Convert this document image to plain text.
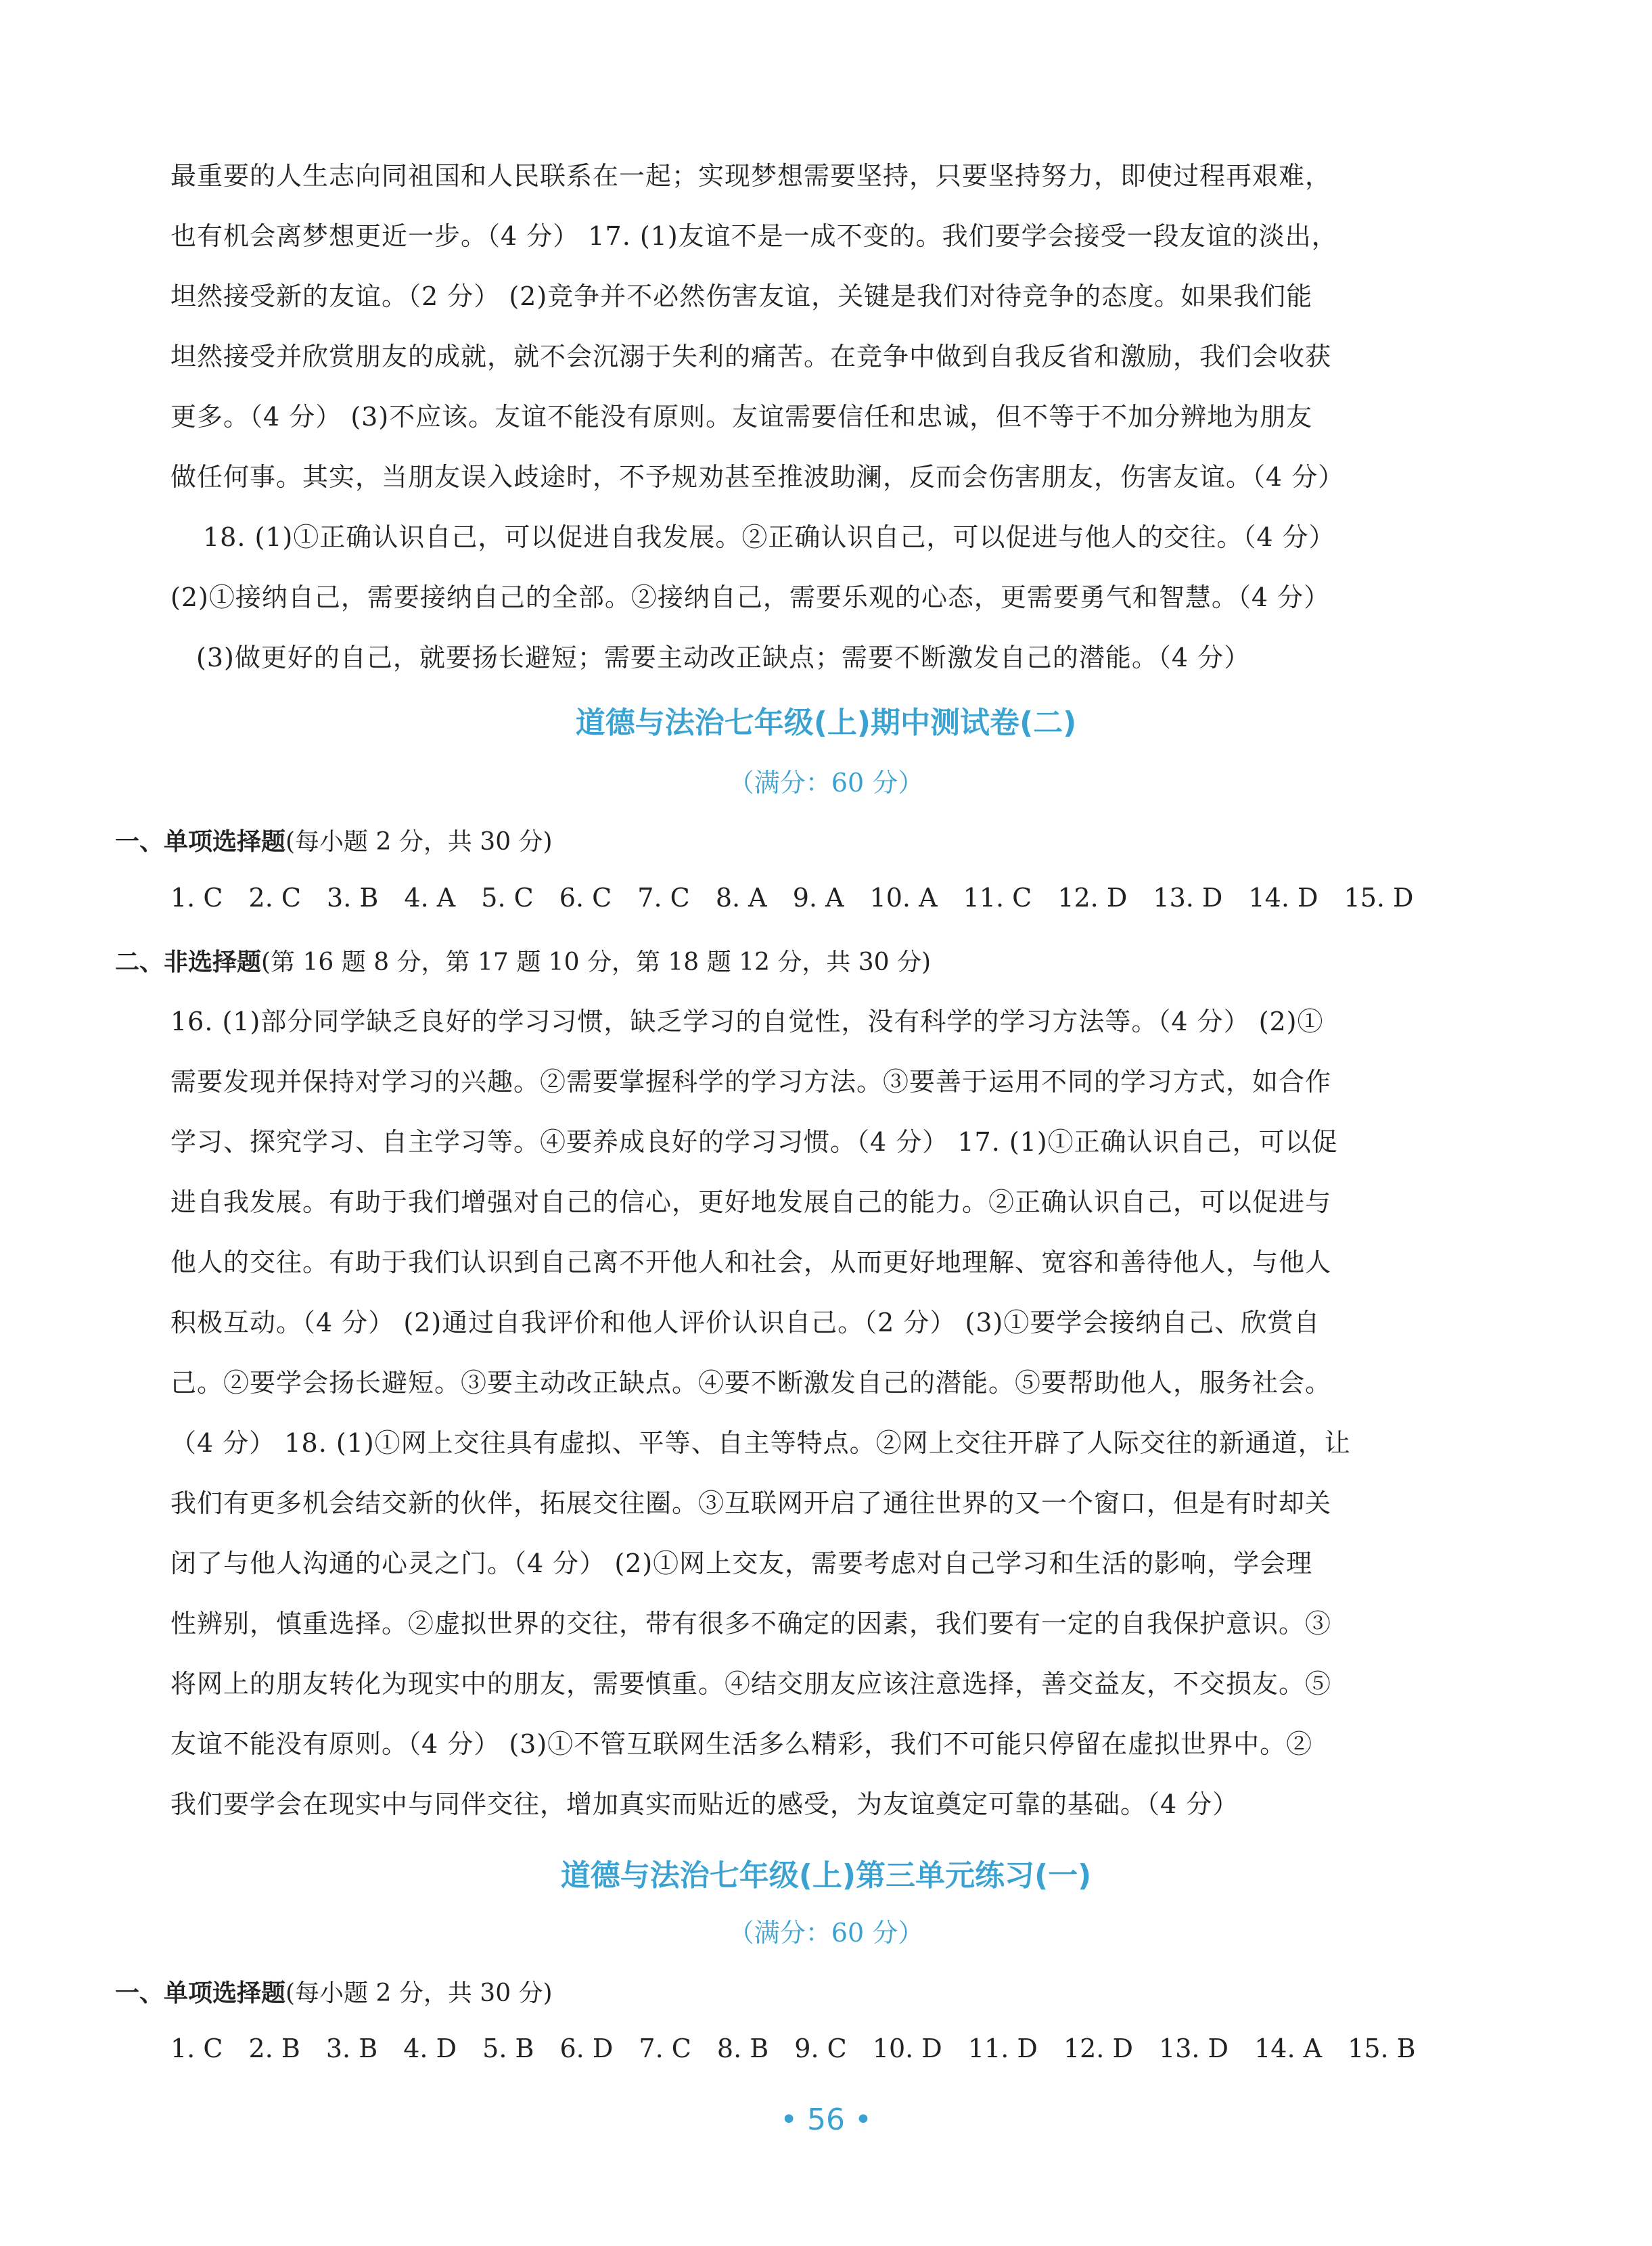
最重要的人生志向同祖国和人民联系在一起；实现梦想需要坚持，只要坚持努力，即使过程再艰难，
也有机会离梦想更近一步。（4 分） 17. (1)友谊不是一成不变的。我们要学会接受一段友谊的淡出，
坦然接受新的友谊。（2 分） (2)竞争并不必然伤害友谊，关键是我们对待竞争的态度。如果我们能
坦然接受并欣赏朋友的成就，就不会沉溺于失利的痛苦。在竞争中做到自我反省和激励，我们会收获
更多。（4 分） (3)不应该。友谊不能没有原则。友谊需要信任和忠诚，但不等于不加分辨地为朋友
做任何事。其实，当朋友误入歧途时，不予规劝甚至推波助澜，反而会伤害朋友，伤害友谊。（4 分）
18. (1)①正确认识自己，可以促进自我发展。②正确认识自己，可以促进与他人的交往。（4 分）
(2)①接纳自己，需要接纳自己的全部。②接纳自己，需要乐观的心态，更需要勇气和智慧。（4 分）
(3)做更好的自己，就要扬长避短；需要主动改正缺点；需要不断激发自己的潜能。（4 分）
道德与法治七年级(上)期中测试卷(二)
（满分：60 分）
一、单项选择题(每小题 2 分，共 30 分)
1. C 2. C 3. B 4. A 5. C 6. C 7. C 8. A 9. A 10. A 11. C 12. D 13. D 14. D 15. D
二、非选择题(第 16 题 8 分，第 17 题 10 分，第 18 题 12 分，共 30 分)
16. (1)部分同学缺乏良好的学习习惯，缺乏学习的自觉性，没有科学的学习方法等。（4 分） (2)①
需要发现并保持对学习的兴趣。②需要掌握科学的学习方法。③要善于运用不同的学习方式，如合作
学习、探究学习、自主学习等。④要养成良好的学习习惯。（4 分） 17. (1)①正确认识自己，可以促
进自我发展。有助于我们增强对自己的信心，更好地发展自己的能力。②正确认识自己，可以促进与
他人的交往。有助于我们认识到自己离不开他人和社会，从而更好地理解、宽容和善待他人，与他人
积极互动。（4 分） (2)通过自我评价和他人评价认识自己。（2 分） (3)①要学会接纳自己、欣赏自
己。②要学会扬长避短。③要主动改正缺点。④要不断激发自己的潜能。⑤要帮助他人，服务社会。
（4 分） 18. (1)①网上交往具有虚拟、平等、自主等特点。②网上交往开辟了人际交往的新通道，让
我们有更多机会结交新的伙伴，拓展交往圈。③互联网开启了通往世界的又一个窗口，但是有时却关
闭了与他人沟通的心灵之门。（4 分） (2)①网上交友，需要考虑对自己学习和生活的影响，学会理
性辨别，慎重选择。②虚拟世界的交往，带有很多不确定的因素，我们要有一定的自我保护意识。③
将网上的朋友转化为现实中的朋友，需要慎重。④结交朋友应该注意选择，善交益友，不交损友。⑤
友谊不能没有原则。（4 分） (3)①不管互联网生活多么精彩，我们不可能只停留在虚拟世界中。②
我们要学会在现实中与同伴交往，增加真实而贴近的感受，为友谊奠定可靠的基础。（4 分）
道德与法治七年级(上)第三单元练习(一)
（满分：60 分）
一、单项选择题(每小题 2 分，共 30 分)
1. C 2. B 3. B 4. D 5. B 6. D 7. C 8. B 9. C 10. D 11. D 12. D 13. D 14. A 15. B
• 56 •
